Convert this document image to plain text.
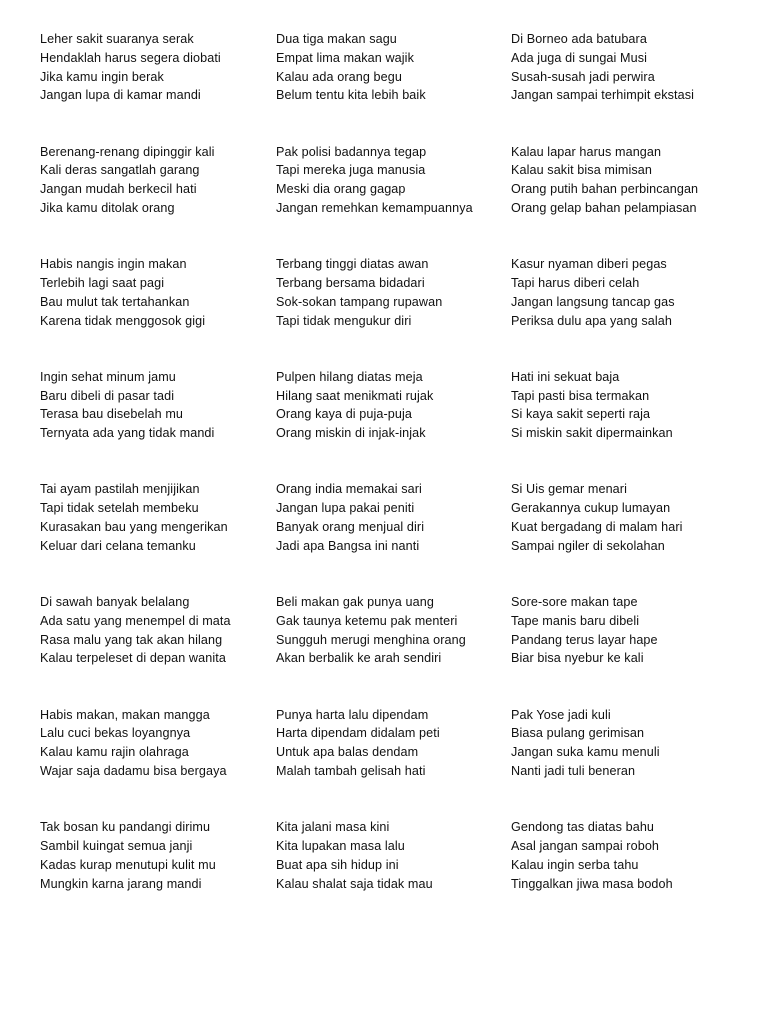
Leher sakit suaranya serak
Hendaklah harus segera diobati
Jika kamu ingin berak
Jangan lupa di kamar mandi
Dua tiga makan sagu
Empat lima makan wajik
Kalau ada orang begu
Belum tentu kita lebih baik
Di Borneo ada batubara
Ada juga di sungai Musi
Susah-susah jadi perwira
Jangan sampai terhimpit ekstasi
Berenang-renang dipinggir kali
Kali deras sangatlah garang
Jangan mudah berkecil hati
Jika kamu ditolak orang
Pak polisi badannya tegap
Tapi mereka juga manusia
Meski dia orang gagap
Jangan remehkan kemampuannya
Kalau lapar harus mangan
Kalau sakit bisa mimisan
Orang putih bahan perbincangan
Orang gelap bahan pelampiasan
Habis nangis ingin makan
Terlebih lagi saat pagi
Bau mulut tak tertahankan
Karena tidak menggosok gigi
Terbang tinggi diatas awan
Terbang bersama bidadari
Sok-sokan tampang rupawan
Tapi tidak mengukur diri
Kasur nyaman diberi pegas
Tapi harus diberi celah
Jangan langsung tancap gas
Periksa dulu apa yang salah
Ingin sehat minum jamu
Baru dibeli di pasar tadi
Terasa bau disebelah mu
Ternyata ada yang tidak mandi
Pulpen hilang diatas meja
Hilang saat menikmati rujak
Orang kaya di puja-puja
Orang miskin di injak-injak
Hati ini sekuat baja
Tapi pasti bisa termakan
Si kaya sakit seperti raja
Si miskin sakit dipermainkan
Tai ayam pastilah menjijikan
Tapi tidak setelah membeku
Kurasakan bau yang mengerikan
Keluar dari celana temanku
Orang india memakai sari
Jangan lupa pakai peniti
Banyak orang menjual diri
Jadi apa Bangsa ini nanti
Si Uis gemar menari
Gerakannya cukup lumayan
Kuat bergadang di malam hari
Sampai ngiler di sekolahan
Di sawah banyak belalang
Ada satu yang menempel di mata
Rasa malu yang tak akan hilang
Kalau terpeleset di depan wanita
Beli makan gak punya uang
Gak taunya ketemu pak menteri
Sungguh merugi menghina orang
Akan berbalik ke arah sendiri
Sore-sore makan tape
Tape manis baru dibeli
Pandang terus layar hape
Biar bisa nyebur ke kali
Habis makan, makan mangga
Lalu cuci bekas loyangnya
Kalau kamu rajin olahraga
Wajar saja dadamu bisa bergaya
Punya harta lalu dipendam
Harta dipendam didalam peti
Untuk apa balas dendam
Malah tambah gelisah hati
Pak Yose jadi kuli
Biasa pulang gerimisan
Jangan suka kamu menuli
Nanti jadi tuli beneran
Tak bosan ku pandangi dirimu
Sambil kuingat semua janji
Kadas kurap menutupi kulit mu
Mungkin karna jarang mandi
Kita jalani masa kini
Kita lupakan masa lalu
Buat apa sih hidup ini
Kalau shalat saja tidak mau
Gendong tas diatas bahu
Asal jangan sampai roboh
Kalau ingin serba tahu
Tinggalkan jiwa masa bodoh
